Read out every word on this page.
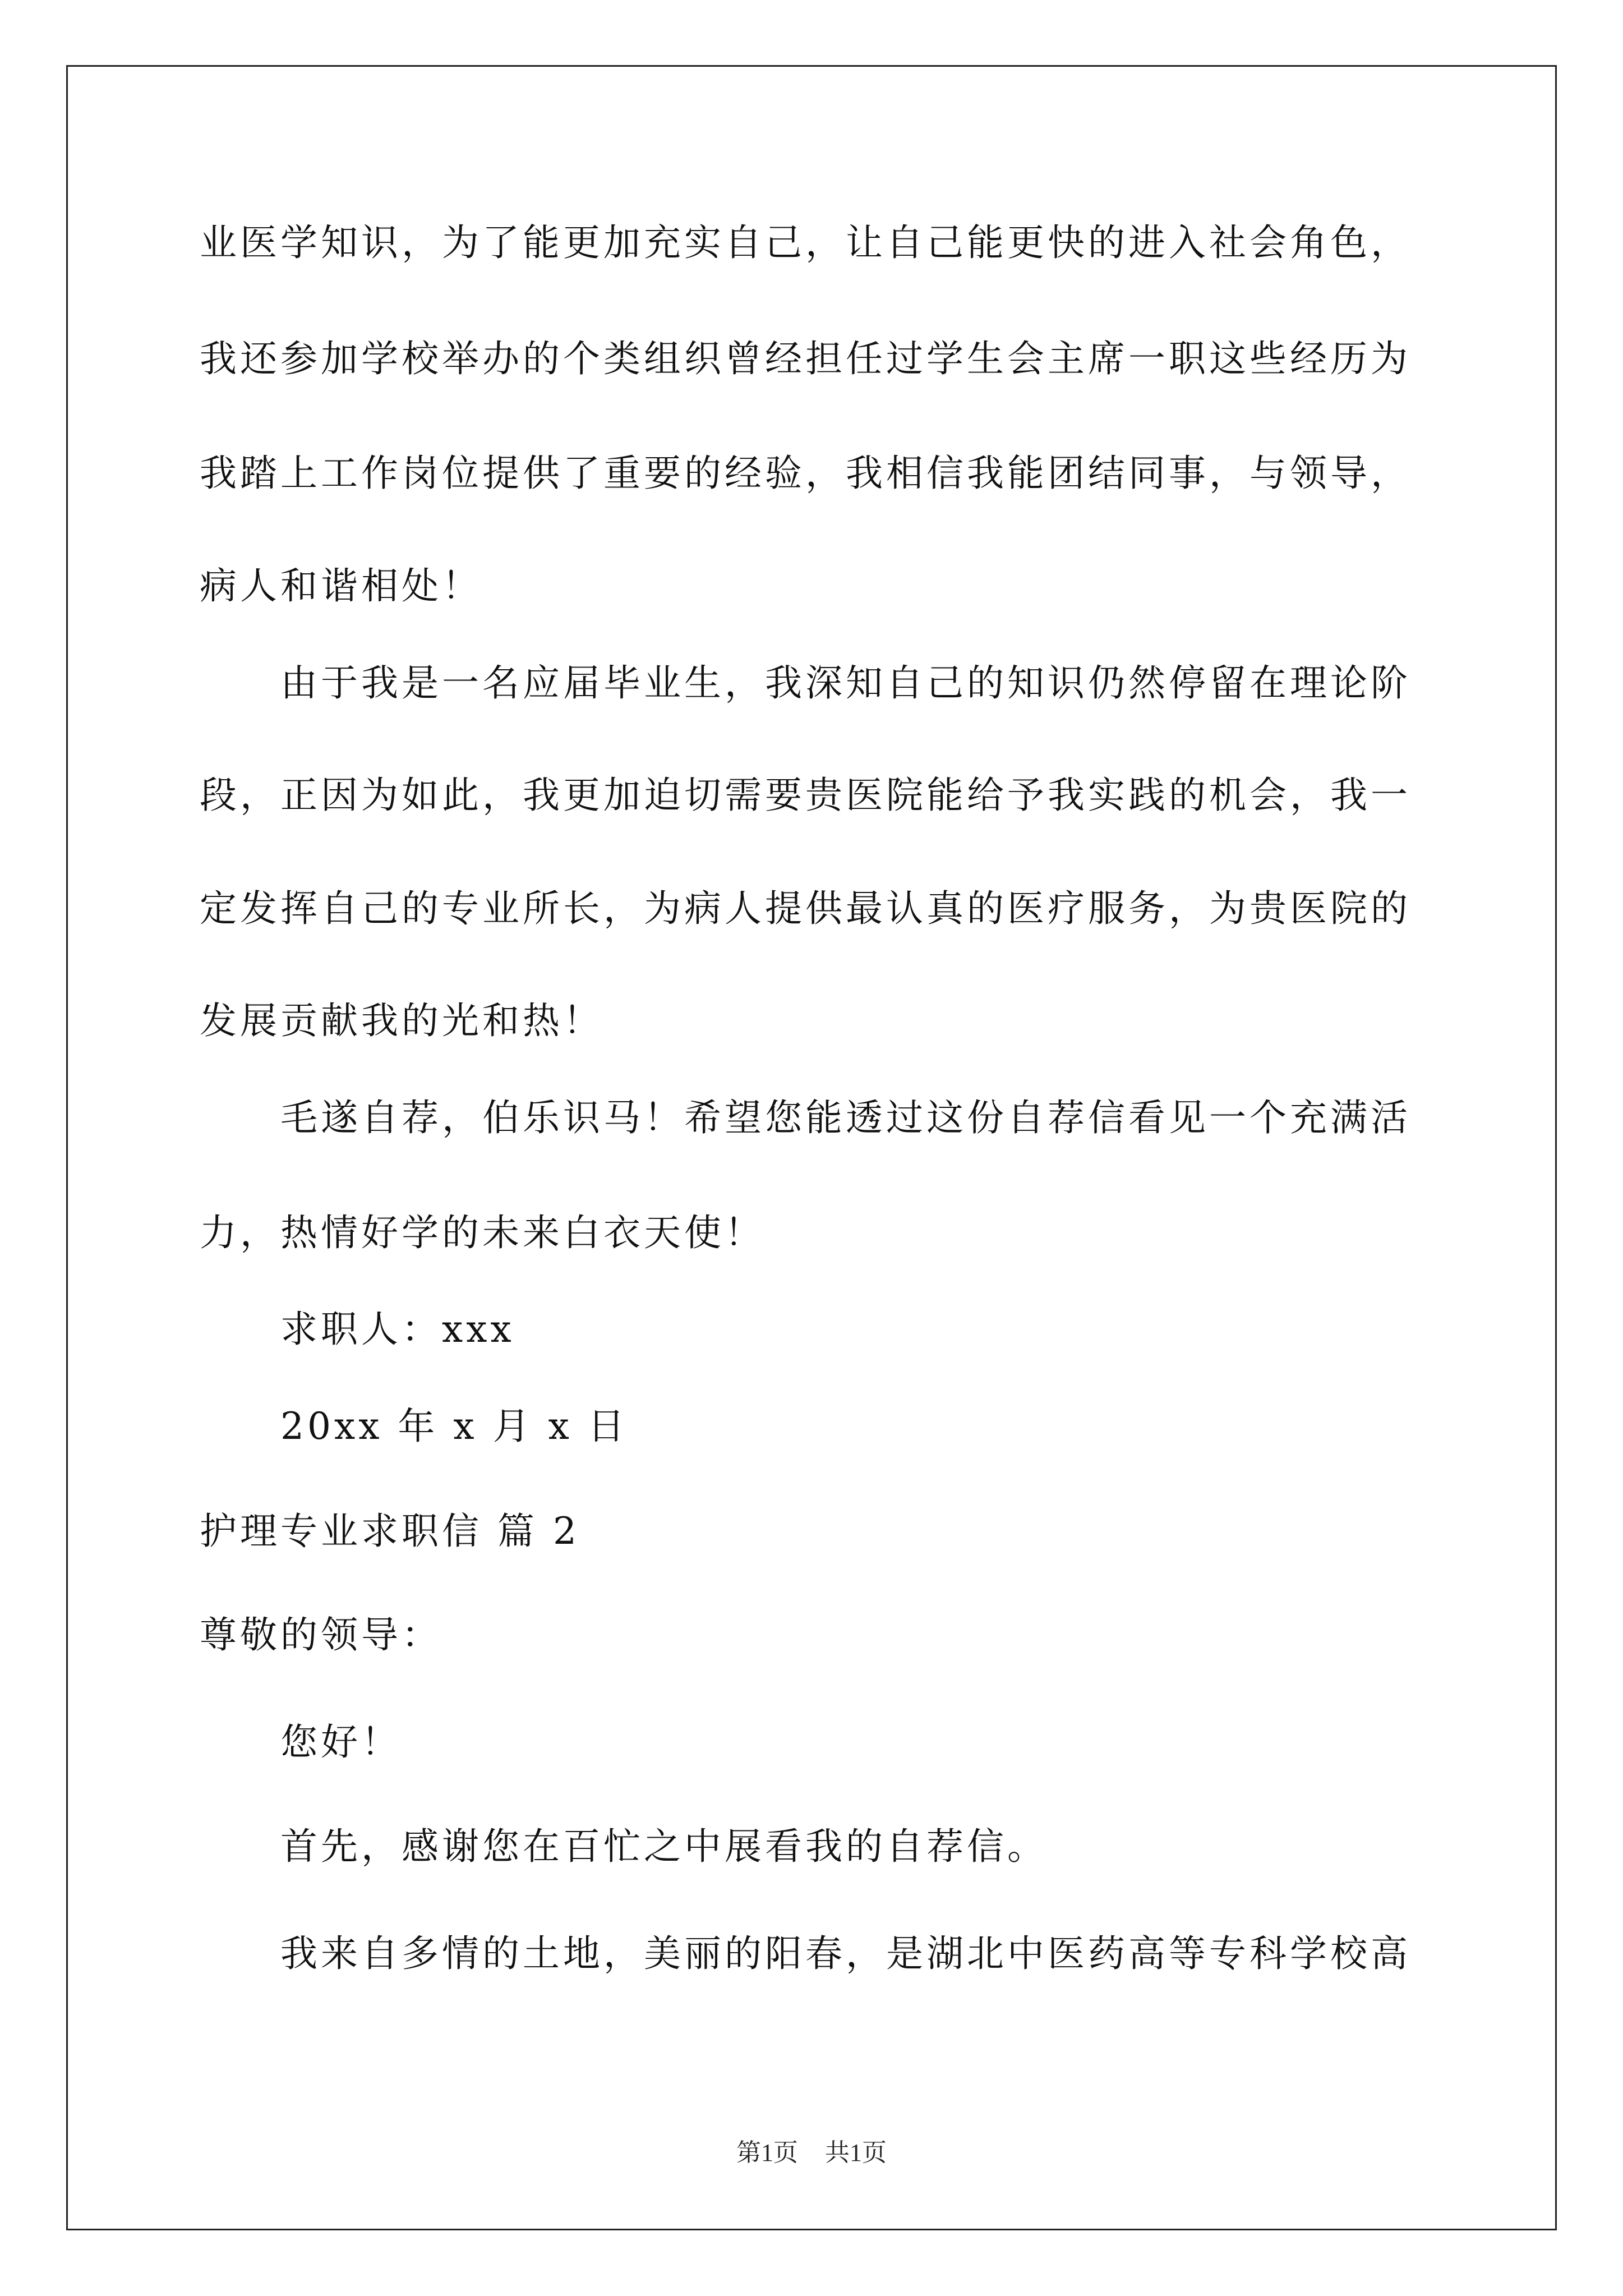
业医学知识，为了能更加充实自己，让自己能更快的进入社会角色，
我还参加学校举办的个类组织曾经担任过学生会主席一职这些经历为
我踏上工作岗位提供了重要的经验，我相信我能团结同事，与领导，
病人和谐相处！
由于我是一名应届毕业生，我深知自己的知识仍然停留在理论阶
段，正因为如此，我更加迫切需要贵医院能给予我实践的机会，我一
定发挥自己的专业所长，为病人提供最认真的医疗服务，为贵医院的
发展贡献我的光和热！
毛遂自荐，伯乐识马！希望您能透过这份自荐信看见一个充满活
力，热情好学的未来白衣天使！
求职人：xxx
20xx 年 x 月 x 日
护理专业求职信 篇 2
尊敬的领导：
您好！
首先，感谢您在百忙之中展看我的自荐信。
我来自多情的土地，美丽的阳春，是湖北中医药高等专科学校高
第1页 共1页
